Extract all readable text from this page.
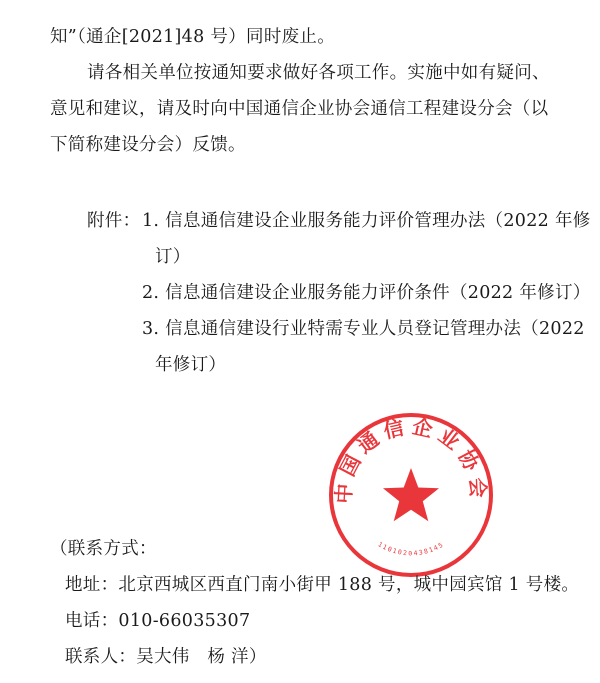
知”（通企[2021]48 号）同时废止。
请各相关单位按通知要求做好各项工作。实施中如有疑问、
意见和建议，请及时向中国通信企业协会通信工程建设分会（以
下简称建设分会）反馈。
附件： 1. 信息通信建设企业服务能力评价管理办法（2022 年修
订）
2. 信息通信建设企业服务能力评价条件（2022 年修订）
3. 信息通信建设行业特需专业人员登记管理办法（2022
年修订）
中国通信企业协会
1101020438145
（联系方式：
地址：北京西城区西直门南小街甲 188 号，城中园宾馆 1 号楼。
电话：010-66035307
联系人：吴大伟　杨 洋）
